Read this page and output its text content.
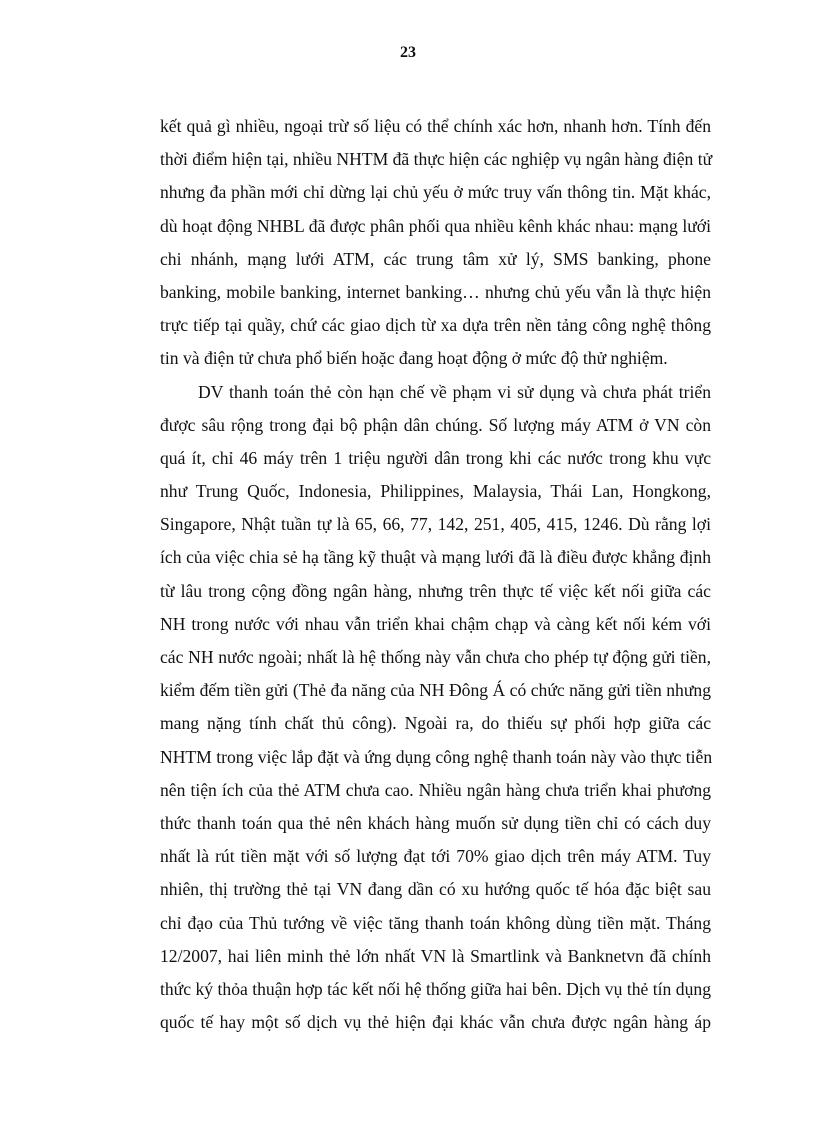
23
kết quả gì nhiều, ngoại trừ số liệu có thể chính xác hơn, nhanh hơn. Tính đến
thời điểm hiện tại, nhiều NHTM đã thực hiện các nghiệp vụ ngân hàng điện tử
nhưng đa phần mới chỉ dừng lại chủ yếu ở mức truy vấn thông tin. Mặt khác,
dù hoạt động NHBL đã được phân phối qua nhiều kênh khác nhau: mạng lưới
chi nhánh, mạng lưới ATM, các trung tâm xử lý, SMS banking, phone
banking, mobile banking, internet banking… nhưng chủ yếu vẫn là thực hiện
trực tiếp tại quầy, chứ các giao dịch từ xa dựa trên nền tảng công nghệ thông
tin và điện tử chưa phổ biến hoặc đang hoạt động ở mức độ thử nghiệm.
DV thanh toán thẻ còn hạn chế về phạm vi sử dụng và chưa phát triển
được sâu rộng trong đại bộ phận dân chúng. Số lượng máy ATM ở VN còn
quá ít, chỉ 46 máy trên 1 triệu người dân trong khi các nước trong khu vực
như Trung Quốc, Indonesia, Philippines, Malaysia, Thái Lan, Hongkong,
Singapore, Nhật tuần tự là 65, 66, 77, 142, 251, 405, 415, 1246. Dù rằng lợi
ích của việc chia sẻ hạ tầng kỹ thuật và mạng lưới đã là điều được khẳng định
từ lâu trong cộng đồng ngân hàng, nhưng trên thực tế việc kết nối giữa các
NH trong nước với nhau vẫn triển khai chậm chạp và càng kết nối kém với
các NH nước ngoài; nhất là hệ thống này vẫn chưa cho phép tự động gửi tiền,
kiểm đếm tiền gửi (Thẻ đa năng của NH Đông Á có chức năng gửi tiền nhưng
mang nặng tính chất thủ công). Ngoài ra, do thiếu sự phối hợp giữa các
NHTM trong việc lắp đặt và ứng dụng công nghệ thanh toán này vào thực tiễn
nên tiện ích của thẻ ATM chưa cao. Nhiều ngân hàng chưa triển khai phương
thức thanh toán qua thẻ nên khách hàng muốn sử dụng tiền chỉ có cách duy
nhất là rút tiền mặt với số lượng đạt tới 70% giao dịch trên máy ATM. Tuy
nhiên, thị trường thẻ tại VN đang dần có xu hướng quốc tế hóa đặc biệt sau
chỉ đạo của Thủ tướng về việc tăng thanh toán không dùng tiền mặt. Tháng
12/2007, hai liên minh thẻ lớn nhất VN là Smartlink và Banknetvn đã chính
thức ký thỏa thuận hợp tác kết nối hệ thống giữa hai bên. Dịch vụ thẻ tín dụng
quốc tế hay một số dịch vụ thẻ hiện đại khác vẫn chưa được ngân hàng áp
